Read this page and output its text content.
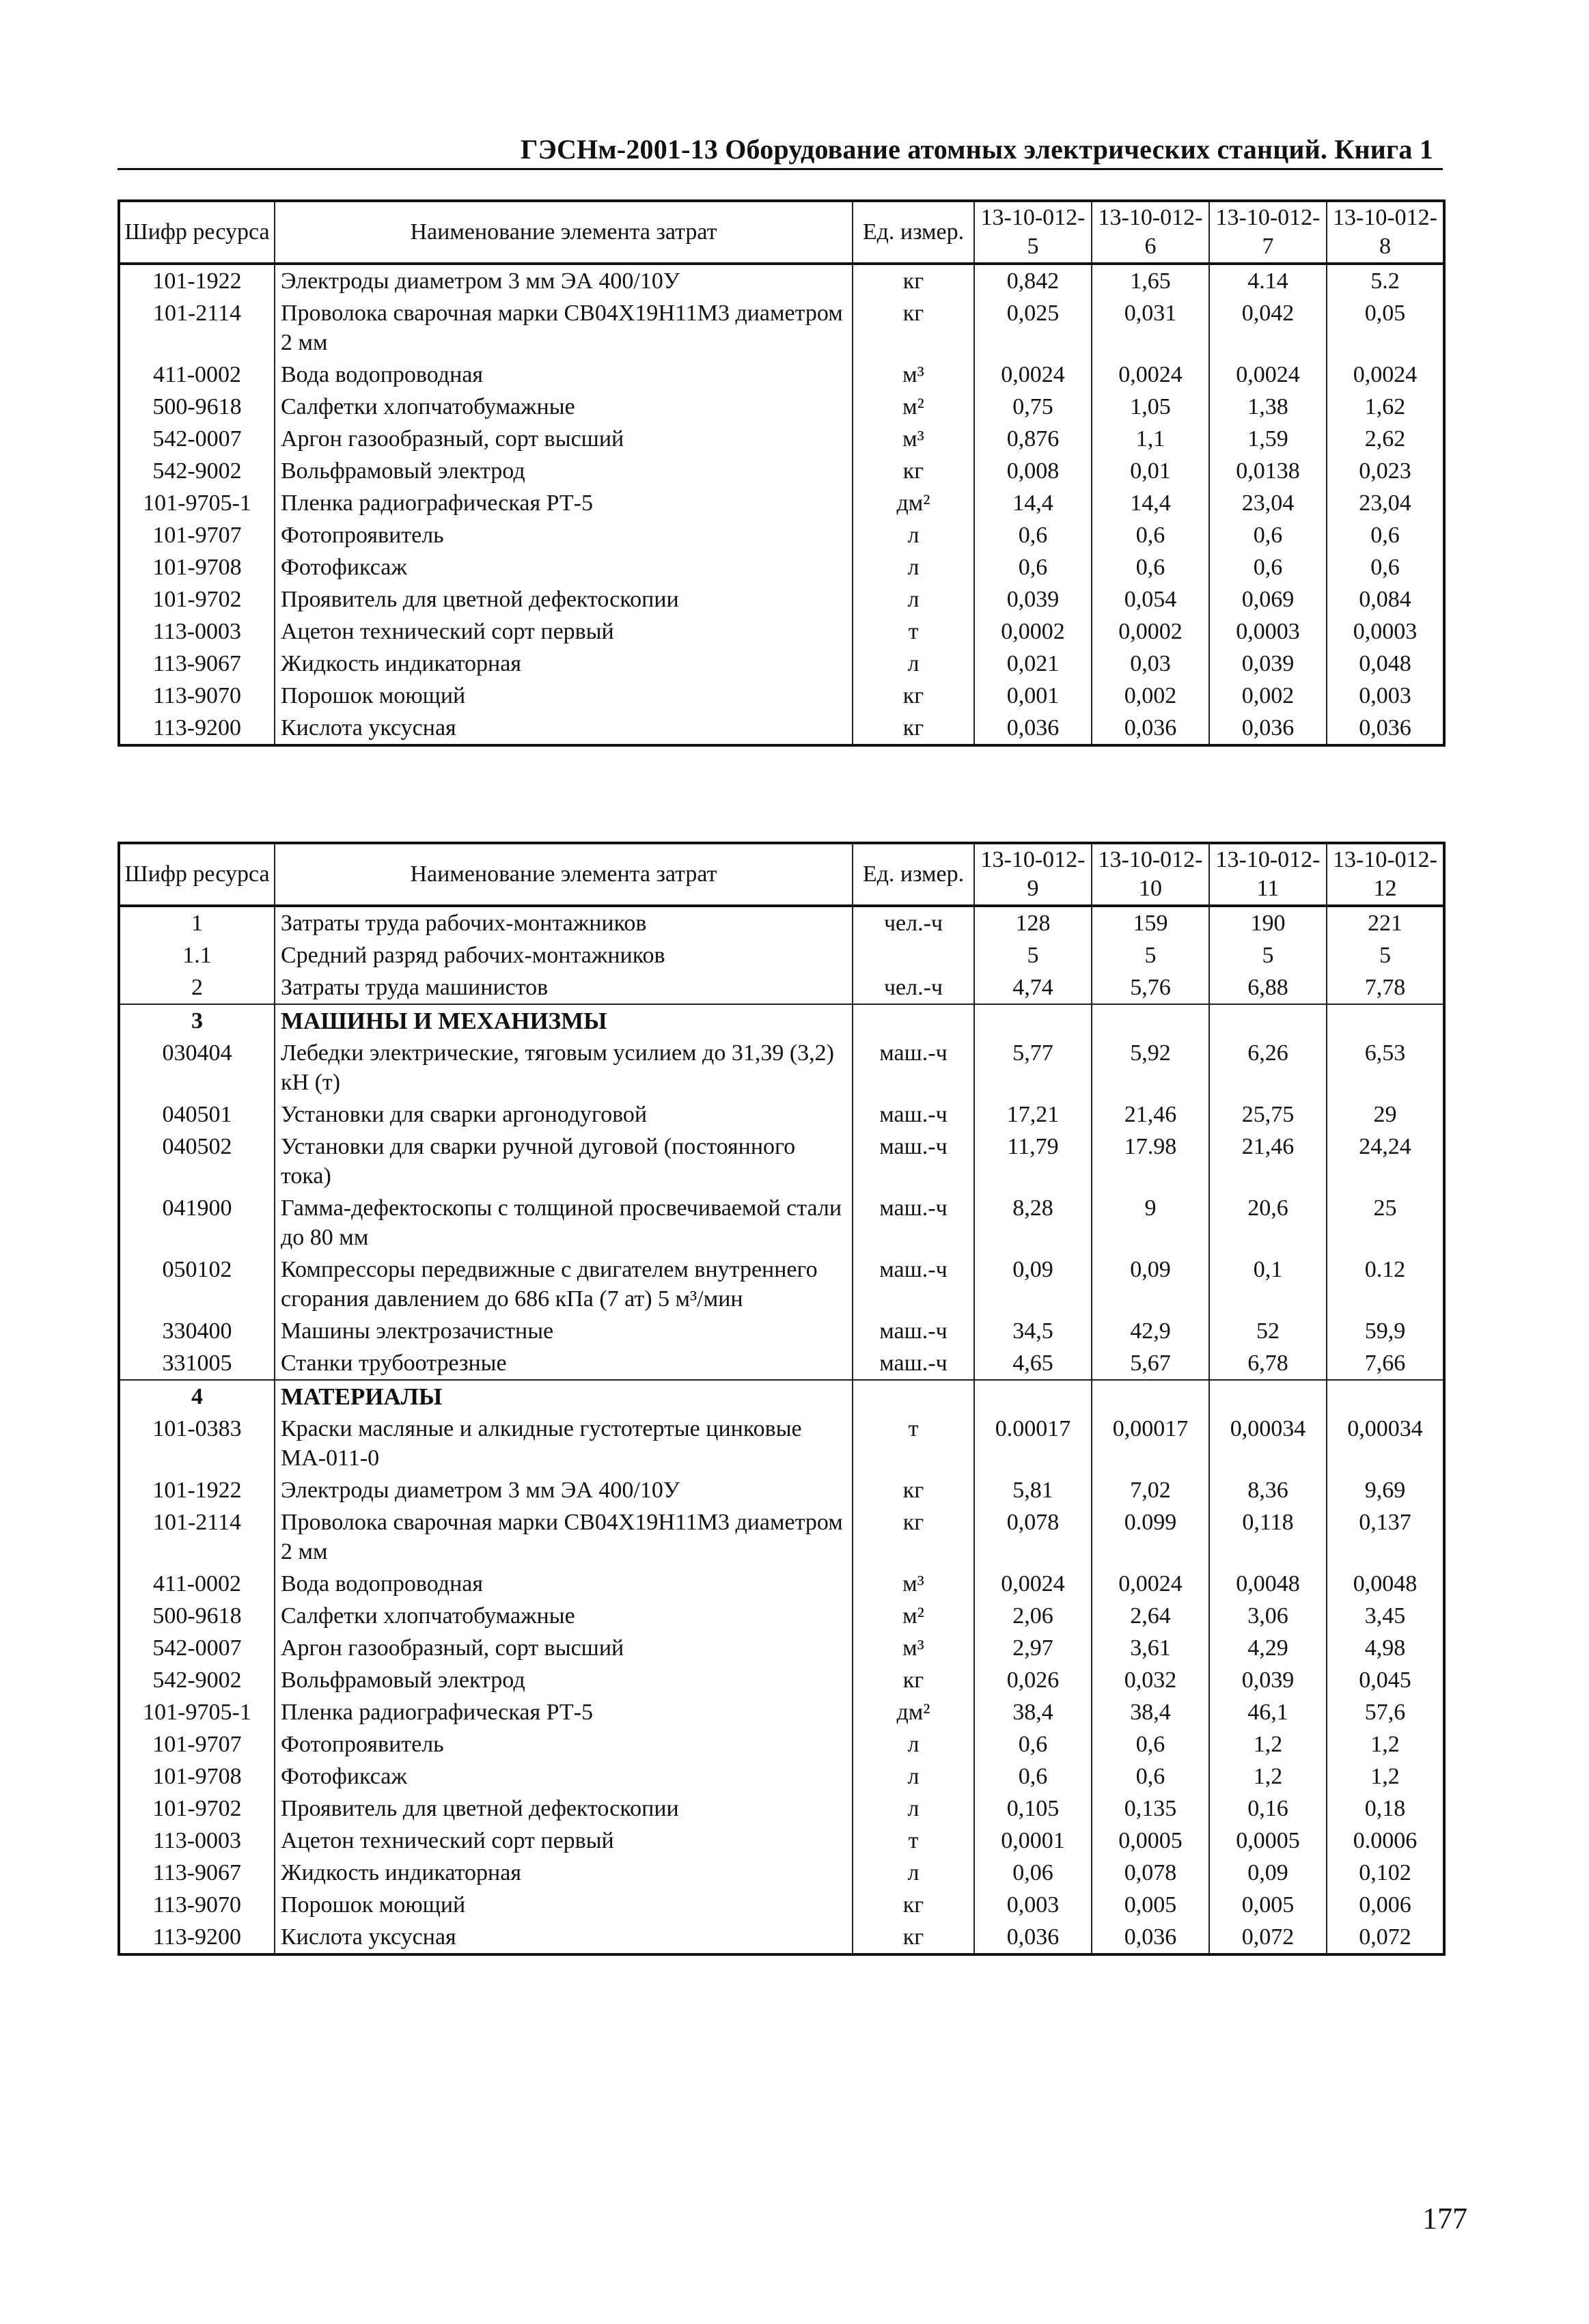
ГЭСНм-2001-13 Оборудование атомных электрических станций. Книга 1
Шифр ресурса	Наименование элемента затрат	Ед. измер.	13-10-012-5	13-10-012-6	13-10-012-7	13-10-012-8
101-1922	Электроды диаметром 3 мм ЭА 400/10У	кг	0,842	1,65	4.14	5.2
101-2114	Проволока сварочная марки СВ04Х19Н11М3 диаметром 2 мм	кг	0,025	0,031	0,042	0,05
411-0002	Вода водопроводная	м³	0,0024	0,0024	0,0024	0,0024
500-9618	Салфетки хлопчатобумажные	м²	0,75	1,05	1,38	1,62
542-0007	Аргон газообразный, сорт высший	м³	0,876	1,1	1,59	2,62
542-9002	Вольфрамовый электрод	кг	0,008	0,01	0,0138	0,023
101-9705-1	Пленка радиографическая РТ-5	дм²	14,4	14,4	23,04	23,04
101-9707	Фотопроявитель	л	0,6	0,6	0,6	0,6
101-9708	Фотофиксаж	л	0,6	0,6	0,6	0,6
101-9702	Проявитель для цветной дефектоскопии	л	0,039	0,054	0,069	0,084
113-0003	Ацетон технический сорт первый	т	0,0002	0,0002	0,0003	0,0003
113-9067	Жидкость индикаторная	л	0,021	0,03	0,039	0,048
113-9070	Порошок моющий	кг	0,001	0,002	0,002	0,003
113-9200	Кислота уксусная	кг	0,036	0,036	0,036	0,036
Шифр ресурса	Наименование элемента затрат	Ед. измер.	13-10-012-9	13-10-012-10	13-10-012-11	13-10-012-12
1	Затраты труда рабочих-монтажников	чел.-ч	128	159	190	221
1.1	Средний разряд рабочих-монтажников		5	5	5	5
2	Затраты труда машинистов	чел.-ч	4,74	5,76	6,88	7,78
3	МАШИНЫ И МЕХАНИЗМЫ					
030404	Лебедки электрические, тяговым усилием до 31,39 (3,2) кН (т)	маш.-ч	5,77	5,92	6,26	6,53
040501	Установки для сварки аргонодуговой	маш.-ч	17,21	21,46	25,75	29
040502	Установки для сварки ручной дуговой (постоянного тока)	маш.-ч	11,79	17.98	21,46	24,24
041900	Гамма-дефектоскопы с толщиной просвечиваемой стали до 80 мм	маш.-ч	8,28	9	20,6	25
050102	Компрессоры передвижные с двигателем внутреннего сгорания давлением до 686 кПа (7 ат) 5 м³/мин	маш.-ч	0,09	0,09	0,1	0.12
330400	Машины электрозачистные	маш.-ч	34,5	42,9	52	59,9
331005	Станки трубоотрезные	маш.-ч	4,65	5,67	6,78	7,66
4	МАТЕРИАЛЫ					
101-0383	Краски масляные и алкидные густотертые цинковые МА-011-0	т	0.00017	0,00017	0,00034	0,00034
101-1922	Электроды диаметром 3 мм ЭА 400/10У	кг	5,81	7,02	8,36	9,69
101-2114	Проволока сварочная марки СВ04Х19Н11М3 диаметром 2 мм	кг	0,078	0.099	0,118	0,137
411-0002	Вода водопроводная	м³	0,0024	0,0024	0,0048	0,0048
500-9618	Салфетки хлопчатобумажные	м²	2,06	2,64	3,06	3,45
542-0007	Аргон газообразный, сорт высший	м³	2,97	3,61	4,29	4,98
542-9002	Вольфрамовый электрод	кг	0,026	0,032	0,039	0,045
101-9705-1	Пленка радиографическая РТ-5	дм²	38,4	38,4	46,1	57,6
101-9707	Фотопроявитель	л	0,6	0,6	1,2	1,2
101-9708	Фотофиксаж	л	0,6	0,6	1,2	1,2
101-9702	Проявитель для цветной дефектоскопии	л	0,105	0,135	0,16	0,18
113-0003	Ацетон технический сорт первый	т	0,0001	0,0005	0,0005	0.0006
113-9067	Жидкость индикаторная	л	0,06	0,078	0,09	0,102
113-9070	Порошок моющий	кг	0,003	0,005	0,005	0,006
113-9200	Кислота уксусная	кг	0,036	0,036	0,072	0,072
177
